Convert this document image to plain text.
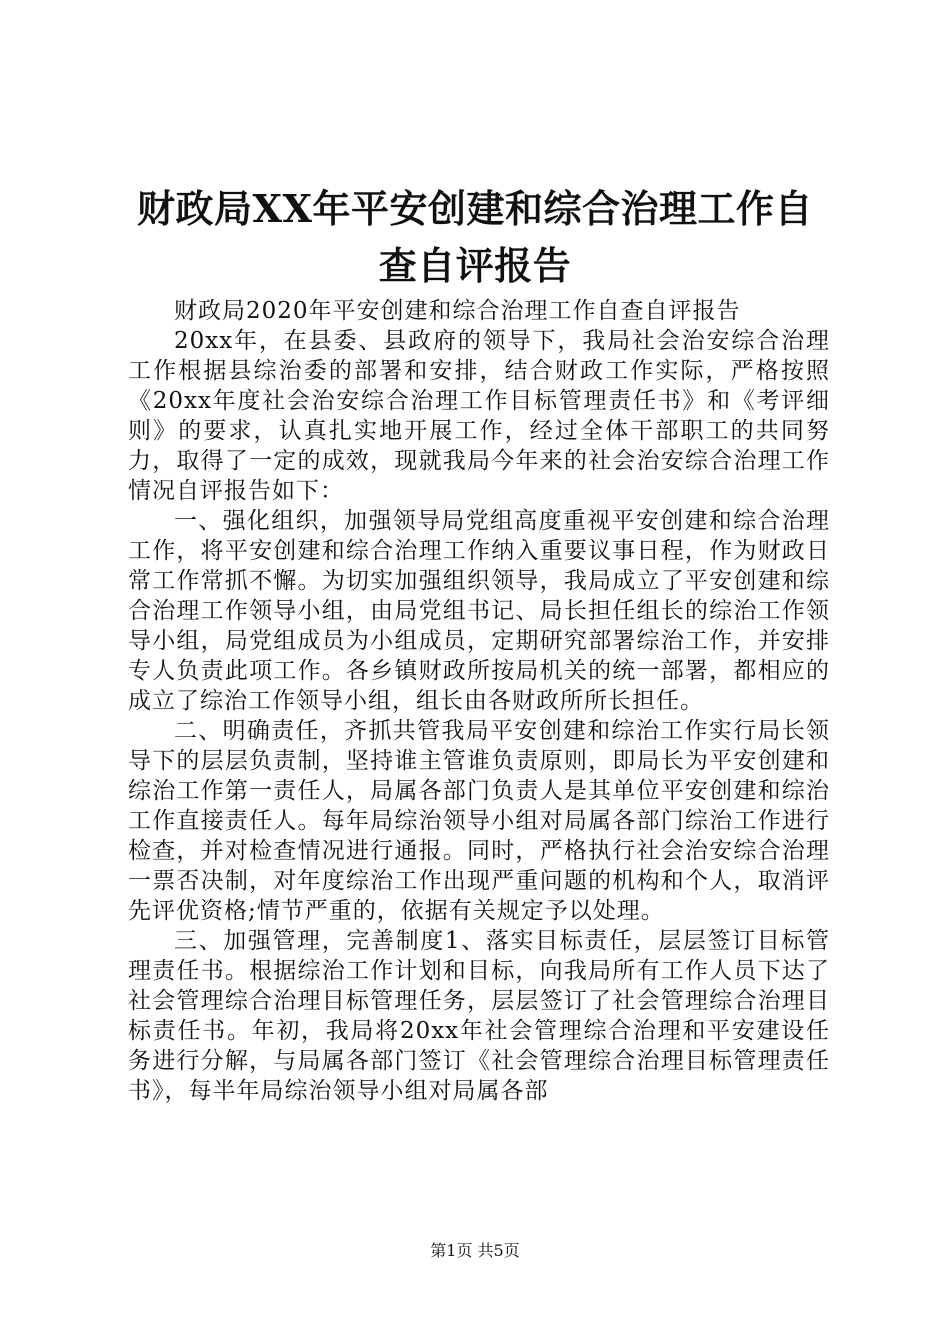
财政局XX年平安创建和综合治理工作自查自评报告

财政局2020年平安创建和综合治理工作自查自评报告

20xx年，在县委、县政府的领导下，我局社会治安综合治理工作根据县综治委的部署和安排，结合财政工作实际，严格按照《20xx年度社会治安综合治理工作目标管理责任书》和《考评细则》的要求，认真扎实地开展工作，经过全体干部职工的共同努力，取得了一定的成效，现就我局今年来的社会治安综合治理工作情况自评报告如下：

一、强化组织，加强领导局党组高度重视平安创建和综合治理工作，将平安创建和综合治理工作纳入重要议事日程，作为财政日常工作常抓不懈。为切实加强组织领导，我局成立了平安创建和综合治理工作领导小组，由局党组书记、局长担任组长的综治工作领导小组，局党组成员为小组成员，定期研究部署综治工作，并安排专人负责此项工作。各乡镇财政所按局机关的统一部署，都相应的成立了综治工作领导小组，组长由各财政所所长担任。

二、明确责任，齐抓共管我局平安创建和综治工作实行局长领导下的层层负责制，坚持谁主管谁负责原则，即局长为平安创建和综治工作第一责任人，局属各部门负责人是其单位平安创建和综治工作直接责任人。每年局综治领导小组对局属各部门综治工作进行检查，并对检查情况进行通报。同时，严格执行社会治安综合治理一票否决制，对年度综治工作出现严重问题的机构和个人，取消评先评优资格;情节严重的，依据有关规定予以处理。

三、加强管理，完善制度1、落实目标责任，层层签订目标管理责任书。根据综治工作计划和目标，向我局所有工作人员下达了社会管理综合治理目标管理任务，层层签订了社会管理综合治理目标责任书。年初，我局将20xx年社会管理综合治理和平安建设任务进行分解，与局属各部门签订《社会管理综合治理目标管理责任书》，每半年局综治领导小组对局属各部

第1页 共5页
